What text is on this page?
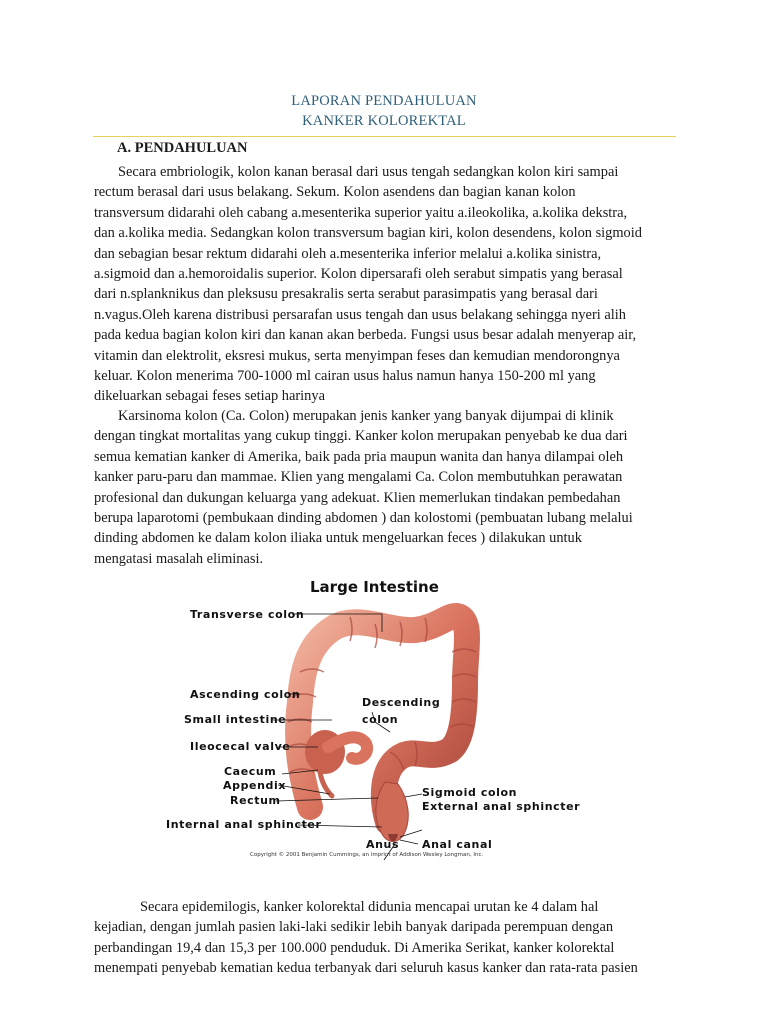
LAPORAN PENDAHULUAN
KANKER KOLOREKTAL
A. PENDAHULUAN
Secara embriologik, kolon kanan berasal dari usus tengah sedangkan kolon kiri sampai
rectum berasal dari usus belakang. Sekum. Kolon asendens dan bagian kanan kolon
transversum didarahi oleh cabang a.mesenterika superior yaitu a.ileokolika, a.kolika dekstra,
dan a.kolika media. Sedangkan kolon transversum bagian kiri, kolon desendens, kolon sigmoid
dan sebagian besar rektum didarahi oleh a.mesenterika inferior melalui a.kolika sinistra,
a.sigmoid dan a.hemoroidalis superior. Kolon dipersarafi oleh serabut simpatis yang berasal
dari n.splanknikus dan pleksusu presakralis serta serabut parasimpatis yang berasal dari
n.vagus.Oleh karena distribusi persarafan usus tengah dan usus belakang sehingga nyeri alih
pada kedua bagian kolon kiri dan kanan akan berbeda. Fungsi usus besar adalah menyerap air,
vitamin dan elektrolit, eksresi mukus, serta menyimpan feses dan kemudian mendorongnya
keluar. Kolon menerima 700-1000 ml cairan usus halus namun hanya 150-200 ml yang
dikeluarkan sebagai feses setiap harinya
Karsinoma kolon (Ca. Colon) merupakan jenis kanker yang banyak dijumpai di klinik
dengan tingkat mortalitas yang cukup tinggi. Kanker kolon merupakan penyebab ke dua dari
semua kematian kanker di Amerika, baik pada pria maupun wanita dan hanya dilampai oleh
kanker paru-paru dan mammae. Klien yang mengalami Ca. Colon membutuhkan perawatan
profesional dan dukungan keluarga yang adekuat. Klien memerlukan tindakan pembedahan
berupa laparotomi (pembukaan dinding abdomen ) dan kolostomi (pembuatan lubang melalui
dinding abdomen ke dalam kolon iliaka untuk mengeluarkan feces ) dilakukan untuk
mengatasi masalah eliminasi.
Large Intestine
Transverse colon
Ascending colon
Descending
colon
Small intestine
Ileocecal valve
Caecum
Appendix
Rectum
Sigmoid colon
External anal sphincter
Internal anal sphincter
Anus Anal canal
Copyright © 2001 Benjamin Cummings, an imprint of Addison Wesley Longman, Inc.
Secara epidemilogis, kanker kolorektal didunia mencapai urutan ke 4 dalam hal
kejadian, dengan jumlah pasien laki-laki sedikir lebih banyak daripada perempuan dengan
perbandingan 19,4 dan 15,3 per 100.000 penduduk. Di Amerika Serikat, kanker kolorektal
menempati penyebab kematian kedua terbanyak dari seluruh kasus kanker dan rata-rata pasien
